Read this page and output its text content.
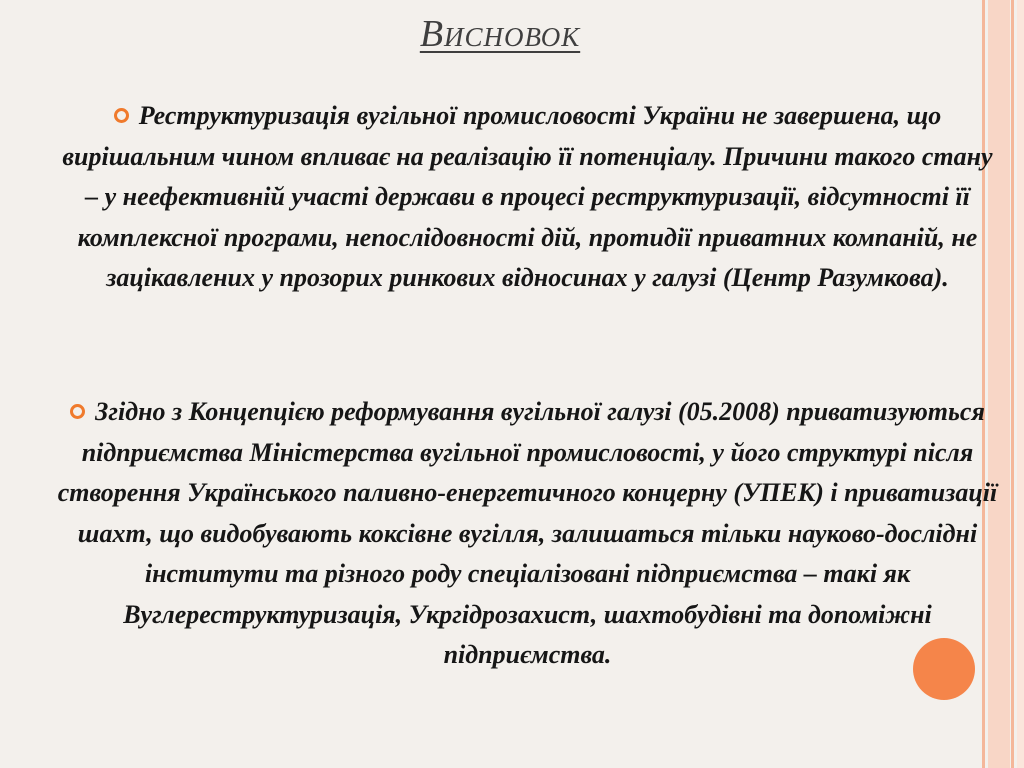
Висновок

Реструктуризація вугільної промисловості України не завершена, що вирішальним чином впливає на реалізацію її потенціалу. Причини такого стану – у неефективній участі держави в процесі реструктуризації, відсутності її комплексної програми, непослідовності дій, протидії приватних компаній, не зацікавлених у прозорих ринкових відносинах у галузі (Центр Разумкова).

Згідно з Концепцією реформування вугільної галузі (05.2008) приватизуються підприємства Міністерства вугільної промисловості, у його структурі після створення Українського паливно-енергетичного концерну (УПЕК) і приватизації шахт, що видобувають коксівне вугілля, залишаться тільки науково-дослідні інститути та різного роду спеціалізовані підприємства – такі як Вуглереструктуризація, Укргідрозахист, шахтобудівні та допоміжні підприємства.
